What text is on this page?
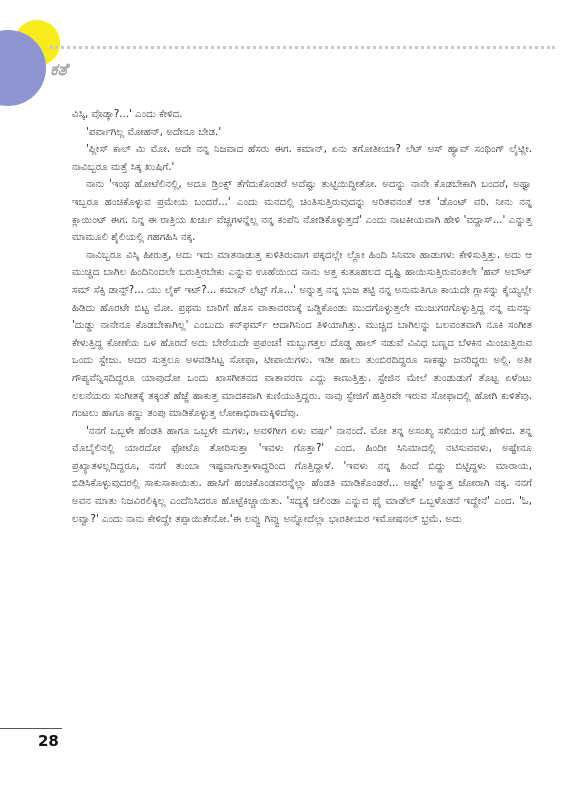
ಕತೆ

ವಿಸ್ಕಿ, ವೊಡ್ಕಾ?...' ಎಂದು ಕೇಳಿದ.

'ಪರ್ವಾಗಿಲ್ಲ ಮೋಹನ್, ಅದೇನೂ ಬೇಡ.'

'ಪ್ಲೀಸ್ ಕಾಲ್ ಮಿ ಮೋ. ಅದೇ ನನ್ನ ನಿಜವಾದ ಹೆಸರು ಈಗ. ಕಮಾನ್, ಏನು ತಗೋತೀಯಾ? ಲೆಟ್ ಅಸ್ ಹ್ಯಾವ್ ಸಂಥಿಂಗ್ ಲೈಟ್ಲೀ. ನಾವಿಬ್ಬರೂ ಮತ್ತೆ ಸಿಕ್ಕ ಖುಷಿಗೆ.'

ನಾನು 'ಇಂಥ ಹೋಟೆಲಿನಲ್ಲಿ, ಅದೂ ಡ್ರಿಂಕ್ಸ್ ತೆಗೆದುಕೊಂಡರೆ ಅದೆಷ್ಟು ತುಟ್ಟಿಯಿದ್ದೀತೋ. ಅದನ್ನು ನಾನೇ ಕೊಡಬೇಕಾಗಿ ಬಂದರೆ, ಅಥ್ವಾ ಇಬ್ಬರೂ ಹಂಚಿಕೊಳ್ಳುವ ಪ್ರಮೇಯ ಬಂದರೆ...' ಎಂದು ಮನದಲ್ಲಿ ಚಿಂತಿಸುತ್ತಿರುವುದನ್ನು ಅರಿತವನಂತೆ ಆತ 'ಡೊಂಟ್ ವರಿ. ನೀನು ನನ್ನ ಕ್ಲಾಯಿಂಟ್ ಈಗ. ನಿನ್ನ ಈ ರಾತ್ರಿಯ ಖರ್ಚು ವೆಚ್ಚಗಳನ್ನೆಲ್ಲ ನನ್ನ ಕಂಪೆನಿ ನೋಡಿಕೊಳ್ಳುತ್ತದೆ' ಎಂದು ನಾಟಕೀಯವಾಗಿ ಹೇಳಿ 'ವದ್ದಾಸ್...' ಎನ್ನುತ್ತ ಮಾಮೂಲಿ ಶೈಲಿಯಲ್ಲಿ ಗಹಗಹಿಸಿ ನಕ್ಕ.

ನಾವಿಬ್ಬರೂ ವಿಸ್ಕಿ ಹೀರುತ್ತ, ಅದು ಇದು ಮಾತನಾಡುತ್ತ ಕುಳಿತಿರುವಾಗ ಪಕ್ಕದಲ್ಲೇ ಲ್ಲೋ ಹಿಂದಿ ಸಿನಿಮಾ ಹಾಡುಗಳು ಕೇಳಿಸುತ್ತಿತ್ತು. ಅದು ಆ ಮುಚ್ಚಿದ ಬಾಗಿಲ ಹಿಂದಿನಿಂದಲೇ ಬರುತ್ತಿರಬೇಕು ಎನ್ನುವ ಊಹೆಯಿಂದ ನಾನು ಅತ್ತ ಕುತೂಹಲದ ದೃಷ್ಟಿ ಹಾಯಿಸುತ್ತಿರುವಂತಲೇ 'ಹವ್ ಅಬೌಟ್ ಸಮ್ ಸೆಕ್ಸಿ ಡಾನ್ಸ್?... ಯು ಲೈಕ್ ಇಟ್?... ಕಮಾನ್ ಲೆಟ್ಸ್ ಗೊ...' ಅನ್ನುತ್ತ ನನ್ನ ಭುಜ ತಟ್ಟಿ ನನ್ನ ಅನುಮತಿಗೂ ಕಾಯದೇ ಗ್ಲಾಸನ್ನು ಕೈಯ್ಯಲ್ಲೇ ಹಿಡಿದು ಹೊರಟೇ ಬಿಟ್ಟ ಮೋ. ಪ್ರಥಮ ಬಾರಿಗೆ ಹೊಸ ವಾತಾವರಣಕ್ಕೆ ಒಡ್ಡಿಕೊಂಡು ಮುದಗೊಳ್ಳುತ್ತಲೇ ಮುಜುಗರಗೊಳ್ಳುತ್ತಿದ್ದ ನನ್ನ ಮನಸ್ಸು 'ದುಡ್ಡು ನಾನೇನೂ ಕೊಡಬೇಕಾಗಿಲ್ಲ' ಎಂಬುದು ಕನ್‌ಫರ್ಮ್ ಆದಾಗಿನಿಂದ ತಿಳಿಯಾಗಿತ್ತು. ಮುಚ್ಚಿದ ಬಾಗಿಲನ್ನು ಬಲವಂತವಾಗಿ ನೂಕಿ ಸಂಗೀತ ಕೇಳುತ್ತಿದ್ದ ಕೋಣೆಯ ಒಳ ಹೊರದೆ ಅದು ಬೇರೆಯದೇ ಪ್ರಪಂಚ! ಮಬ್ಬುಗತ್ತಲ ದೊಡ್ಡ ಹಾಲ್ ನಡುವೆ ವಿವಿಧ ಬಣ್ಣದ ಬೆಳಕಿನ ಮಿಂಚುತ್ತಿರುವ ಒಂದು ಸ್ಟೇಜು. ಅದರ ಸುತ್ತಲೂ ಅಳವಡಿಸಿಟ್ಟ ಸೋಫಾ, ಟೀಪಾಯಿಗಳು. ಇಡೀ ಹಾಲು ತುಂಬಿರದಿದ್ದರೂ ಸಾಕಷ್ಟು ಜನರಿದ್ದರು ಅಲ್ಲಿ. ಅತೀ ಗೌಪ್ಯವೆನ್ನಿಸದಿದ್ದರೂ ಯಾವುದೋ ಒಂದು ಖಾಸಗೀತನದ ವಾತಾವರಣ ಎದ್ದು ಕಾಣುತ್ತಿತ್ತು. ಸ್ಟೇಜಿನ ಮೇಲೆ ತುಂಡುಡುಗೆ ತೊಟ್ಟ ಏಳೆಂಟು ಲಲನೆಯರು ಸಂಗೀತಕ್ಕೆ ತಕ್ಕಂತೆ ಹೆಜ್ಜೆ ಹಾಕುತ್ತ ಮಾದಕವಾಗಿ ಕುಣಿಯುತ್ತಿದ್ದರು. ನಾವು ಸ್ಟೇಜಿಗೆ ಹತ್ತಿರವೇ ಇರುವ ಸೋಫಾದಲ್ಲಿ ಹೋಗಿ ಕುಳಿತೆವು. ಗಂಟಲು ಹಾಗೂ ಕಣ್ಣು ತಂಪು ಮಾಡಿಕೊಳ್ಳುತ್ತ ಲೋಕಾಭಿರಾಮಕ್ಕಿಳಿದೆವು.

'ನನಗೆ ಒಬ್ಬಳೇ ಹೆಂಡತಿ ಹಾಗೂ ಒಬ್ಬಳೇ ಮಗಳು, ಅವಳಿಗೀಗ ಏಳು ವರ್ಷ' ನಾನಂದೆ. ಮೋ ತನ್ನ ಅಸಂಖ್ಯ ಸಖಿಯರ ಬಗ್ಗೆ ಹೇಳಿದ. ತನ್ನ ಮೊಬೈಲಿನಲ್ಲಿ ಯಾರದೋ ಫೋಟೊ ತೋರಿಸುತ್ತಾ 'ಇವಳು ಗೊತ್ತಾ?' ಎಂದ. ಹಿಂದೀ ಸಿನಿಮಾದಲ್ಲಿ ನಟಿಸುವವಳು, ಅಷ್ಟೇನೂ ಪ್ರಖ್ಯಾತಳಲ್ಲದಿದ್ದರೂ, ನನಗೆ ತುಂಬಾ ಇಷ್ಟವಾಗುತ್ತಾಳಾದ್ದರಿಂದ ಗೊತ್ತಿದ್ದಾಳೆ. 'ಇವಳು ನನ್ನ ಹಿಂದೆ ಬಿದ್ದು ಬಿಟ್ಟಿದ್ದಳು ಮಾರಾಯ, ಬಿಡಿಸಿಕೊಳ್ಳುವುದರಲ್ಲಿ ಸಾಕುಸಾಕಾಯಿತು. ಹಾಸಿಗೆ ಹಂಚಿಕೊಂಡವರನ್ನೆಲ್ಲಾ ಹೆಂಡತಿ ಮಾಡಿಕೊಂಡರೆ... ಅಷ್ಟೇ' ಅನ್ನುತ್ತ ಜೋರಾಗಿ ನಕ್ಕ. ನನಗೆ ಅವನ ಮಾತು ನಿಜವಿರಲಿಕ್ಕಿಲ್ಲ ಎಂದೆನಿಸಿದರೂ ಹೊಟ್ಟೆಕಿಚ್ಚಾಯಿತು. 'ಸದ್ಯಕ್ಕೆ ಚಲಿಂಡಾ ಎನ್ನುವ ಥೈ ಮಾಡೆಲ್ ಒಬ್ಬಳೊಡನೆ ಇದ್ದೇನೆ' ಎಂದ. 'ಓ, ಲವ್ವಾ?' ಎಂದು ನಾನು ಕೇಳಿದ್ದೇ ತಪ್ಪಾಯಿತೇನೋ.'ಈ ಲವ್ವು ಗಿವ್ವು ಅನ್ನೋದೆಲ್ಲಾ ಭಾರತೀಯರ ಇಮೋಷನಲ್ ಭ್ರಮೆ. ಅದು

28
